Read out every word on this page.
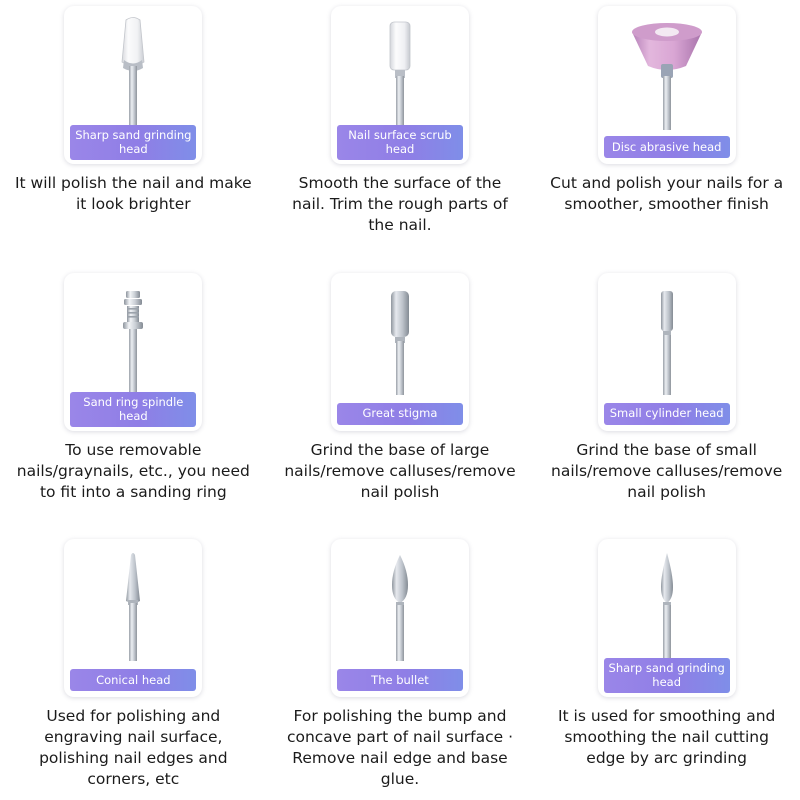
Sharp sand grinding head
It will polish the nail and make it look brighter
Nail surface scrub head
Smooth the surface of the nail. Trim the rough parts of the nail.
Disc abrasive head
Cut and polish your nails for a smoother, smoother finish
Sand ring spindle head
To use removable nails/graynails, etc., you need to fit into a sanding ring
Great stigma
Grind the base of large nails/remove calluses/remove nail polish
Small cylinder head
Grind the base of small nails/remove calluses/remove nail polish
Conical head
Used for polishing and engraving nail surface, polishing nail edges and corners, etc
The bullet
For polishing the bump and concave part of nail surface · Remove nail edge and base glue.
Sharp sand grinding head
It is used for smoothing and smoothing the nail cutting edge by arc grinding
